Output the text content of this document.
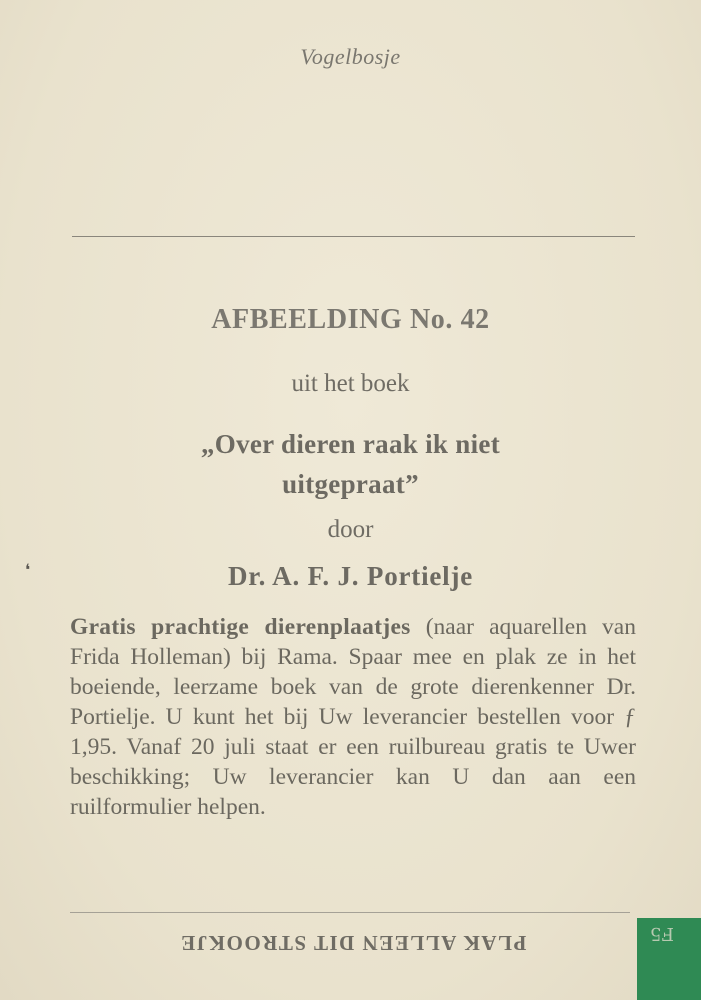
Vogelbosje
AFBEELDING No. 42
uit het boek
„Over dieren raak ik niet
uitgepraat”
door
Dr. A. F. J. Portielje
❛
Gratis prachtige dierenplaatjes (naar aquarellen van Frida Holleman) bij Rama. Spaar mee en plak ze in het boeiende, leerzame boek van de grote dierenkenner Dr. Portielje. U kunt het bij Uw leverancier bestellen voor ƒ 1,95. Vanaf 20 juli staat er een ruilbureau gratis te Uwer beschikking; Uw leverancier kan U dan aan een ruilformulier helpen.
PLAK ALLEEN DIT STROOKJE	F5
